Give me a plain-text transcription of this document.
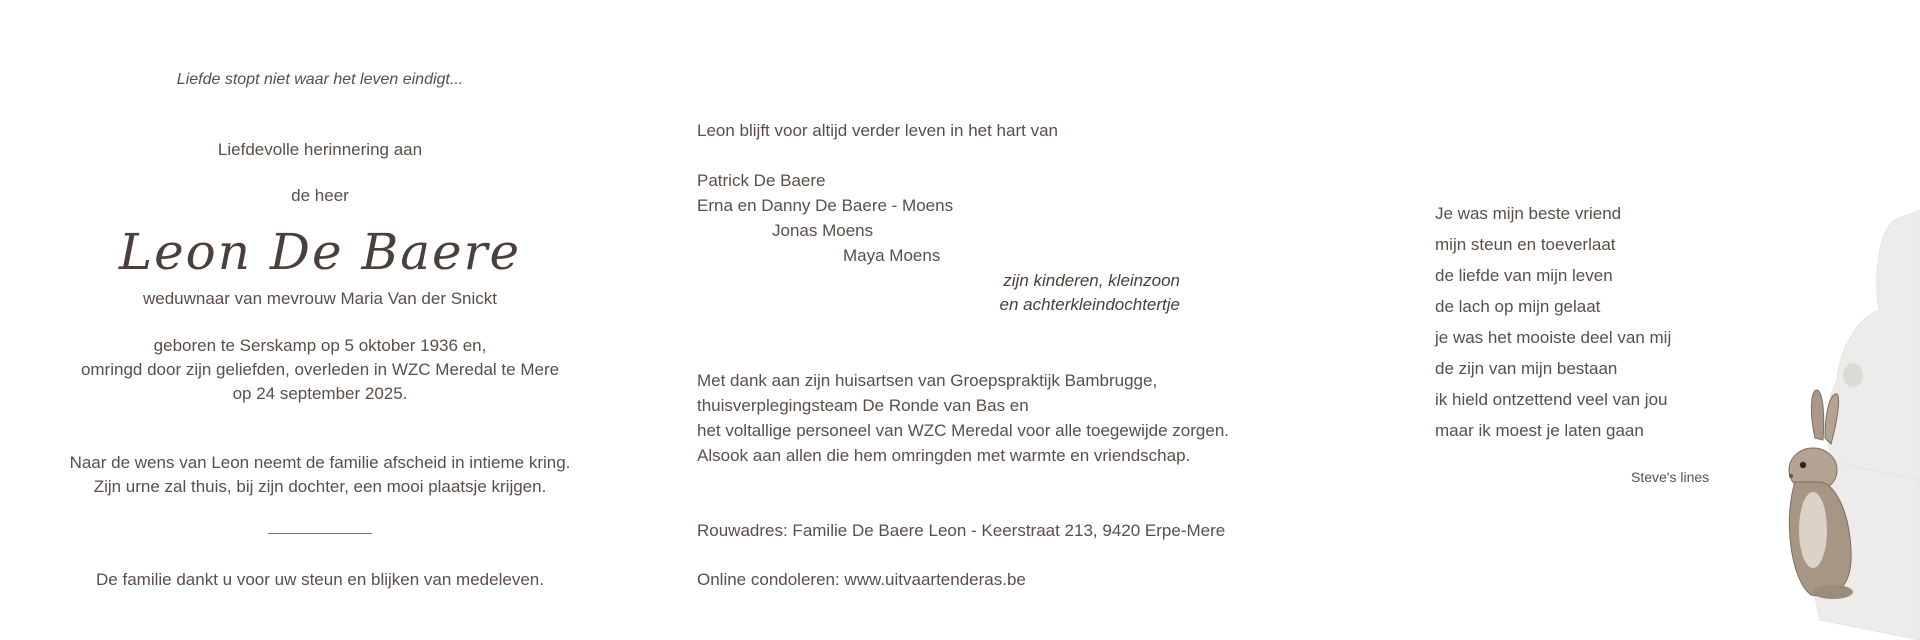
Liefde stopt niet waar het leven eindigt...
Liefdevolle herinnering aan
de heer
Leon De Baere
weduwnaar van mevrouw Maria Van der Snickt
geboren te Serskamp op 5 oktober 1936 en,
omringd door zijn geliefden, overleden in WZC Meredal te Mere
op 24 september 2025.
Naar de wens van Leon neemt de familie afscheid in intieme kring.
Zijn urne zal thuis, bij zijn dochter, een mooi plaatsje krijgen.
De familie dankt u voor uw steun en blijken van medeleven.
Leon blijft voor altijd verder leven in het hart van
Patrick De Baere
Erna en Danny De Baere - Moens
Jonas Moens
Maya Moens
zijn kinderen, kleinzoon
en achterkleindochtertje
Met dank aan zijn huisartsen van Groepspraktijk Bambrugge,
thuisverplegingsteam De Ronde van Bas en
het voltallige personeel van WZC Meredal voor alle toegewijde zorgen.
Alsook aan allen die hem omringden met warmte en vriendschap.
Rouwadres: Familie De Baere Leon - Keerstraat 213, 9420 Erpe-Mere
Online condoleren: www.uitvaartenderas.be
Je was mijn beste vriend
mijn steun en toeverlaat
de liefde van mijn leven
de lach op mijn gelaat
je was het mooiste deel van mij
de zijn van mijn bestaan
ik hield ontzettend veel van jou
maar ik moest je laten gaan
Steve's lines
